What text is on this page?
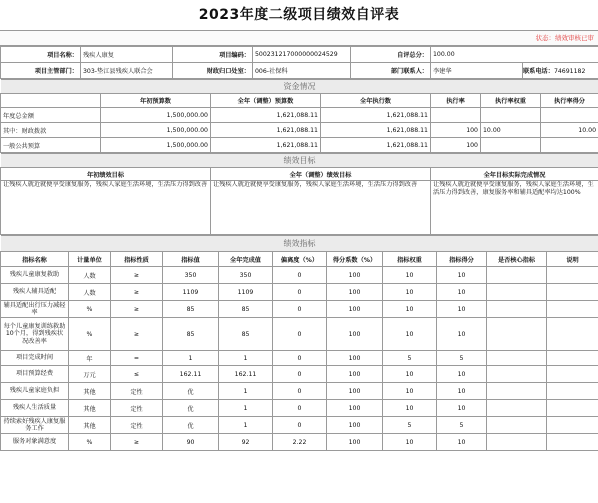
2023年度二级项目绩效自评表
状态：绩效审核已审
项目名称：	残疾人康复	项目编码：	500231217000000024529	自评总分：	100.00	
项目主管部门：	303-垫江县残疾人联合会	财政归口处室：	006-社保科	部门联系人：	李建华	联系电话：74691182
资金情况						
	年初预算数	全年（调整）预算数	全年执行数	执行率	执行率权重	执行率得分
年度总金额	1,500,000.00	1,621,088.11	1,621,088.11			
其中：财政拨款	1,500,000.00	1,621,088.11	1,621,088.11	100	10.00	10.00
一般公共预算	1,500,000.00	1,621,088.11	1,621,088.11	100		
绩效目标		
年初绩效目标	全年（调整）绩效目标	全年目标实际完成情况
让残疾人就近就便享受康复服务，残疾人家庭生活环境，生活压力得到改善	让残疾人就近就便享受康复服务，残疾人家庭生活环境，生活压力得到改善	让残疾人就近就便享受康复服务，残疾人家庭生活环境，生活压力得到改善，康复服务率和辅具适配率均达100%
绩效指标										
指标名称	计量单位	指标性质	指标值	全年完成值	偏离度（%）	得分系数（%）	指标权重	指标得分	是否核心指标	说明
残疾儿童康复救助	人数	≥	350	350	0	100	10	10		
残疾人辅具适配	人数	≥	1109	1109	0	100	10	10		
辅具适配出行压力减轻率	%	≥	85	85	0	100	10	10		
每个儿童康复训练救助10个月，得到残疾状况改善率	%	≥	85	85	0	100	10	10		
项目完成时间	年	=	1	1	0	100	5	5		
项目预算经费	万元	≤	162.11	162.11	0	100	10	10		
残疾儿童家庭负担	其他	定性	优	1	0	100	10	10		
残疾人生活质量	其他	定性	优	1	0	100	10	10		
持续索好残疾人康复服务工作	其他	定性	优	1	0	100	5	5		
服务对象满意度	%	≥	90	92	2.22	100	10	10		
